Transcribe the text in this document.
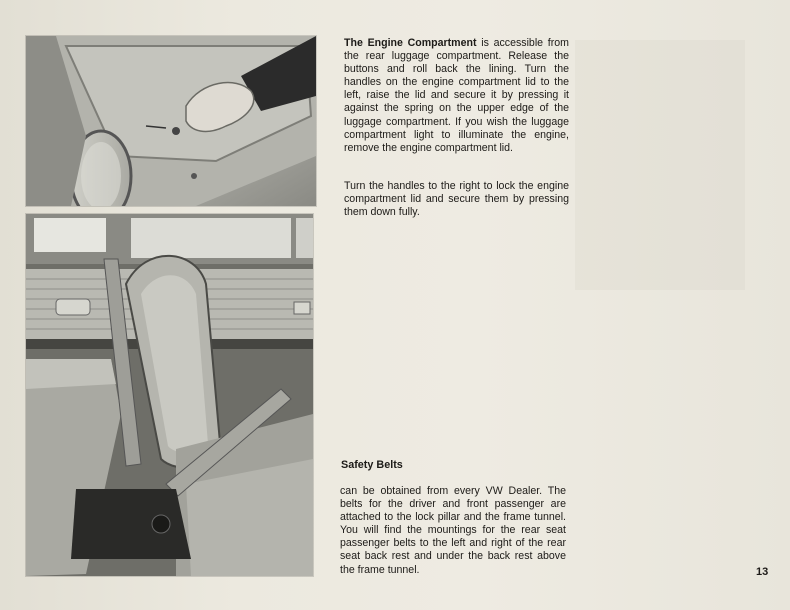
The Engine Compartment is accessible from the rear luggage compartment. Release the buttons and roll back the lining. Turn the handles on the engine compartment lid to the left, raise the lid and secure it by pressing it against the spring on the upper edge of the luggage compartment. If you wish the luggage compartment light to illuminate the engine, remove the engine compartment lid.
Turn the handles to the right to lock the engine compartment lid and secure them by pressing them down fully.
Safety Belts
can be obtained from every VW Dealer. The belts for the driver and front passenger are attached to the lock pillar and the frame tunnel. You will find the mountings for the rear seat passenger belts to the left and right of the rear seat back rest and under the back rest above the frame tunnel.	13
